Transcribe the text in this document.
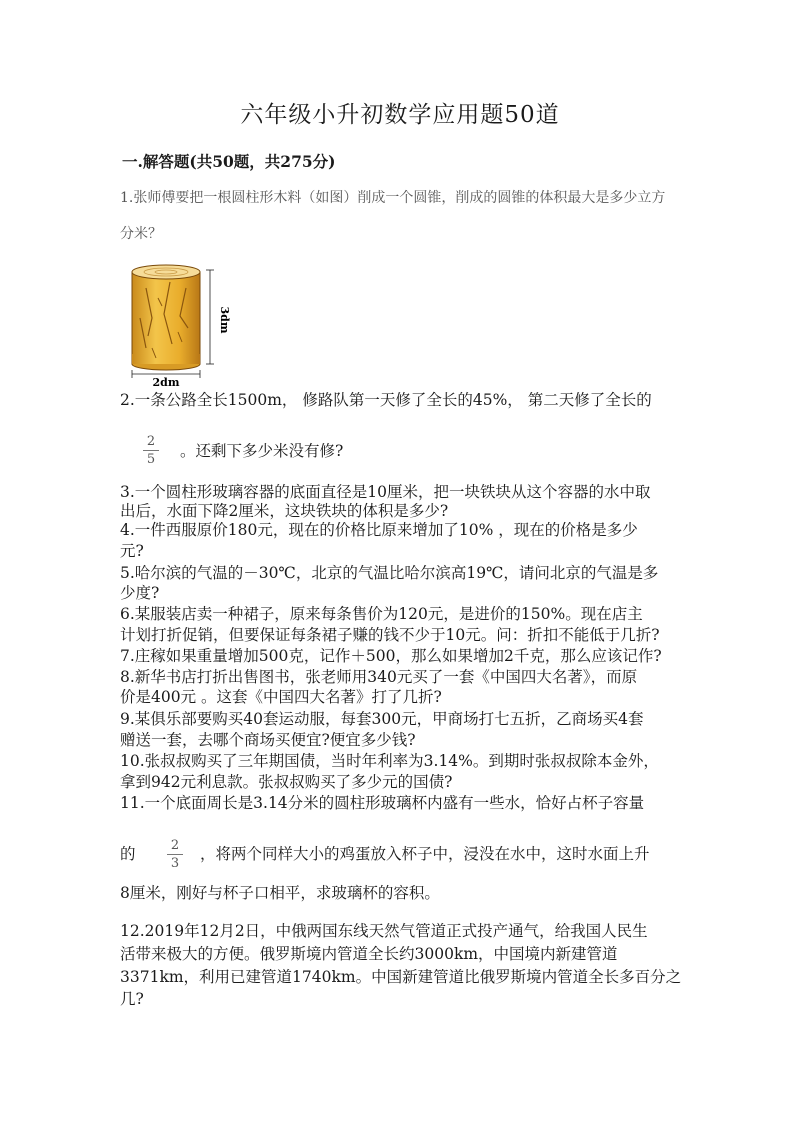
六年级小升初数学应用题50道
一.解答题(共50题，共275分)
1.张师傅要把一根圆柱形木料（如图）削成一个圆锥，削成的圆锥的体积最大是多少立方
分米？
3dm
2dm
2.一条公路全长1500m， 修路队第一天修了全长的45%， 第二天修了全长的
2
5 。还剩下多少米没有修?
3.一个圆柱形玻璃容器的底面直径是10厘米，把一块铁块从这个容器的水中取
出后，水面下降2厘米，这块铁块的体积是多少?
4.一件西服原价180元，现在的价格比原来增加了10% ，现在的价格是多少
元?
5.哈尔滨的气温的－30℃，北京的气温比哈尔滨高19℃，请问北京的气温是多
少度?
6.某服装店卖一种裙子，原来每条售价为120元，是进价的150%。现在店主
计划打折促销，但要保证每条裙子赚的钱不少于10元。问：折扣不能低于几折?
7.庄稼如果重量增加500克，记作＋500，那么如果增加2千克，那么应该记作?
8.新华书店打折出售图书，张老师用340元买了一套《中国四大名著》，而原
价是400元 。这套《中国四大名著》打了几折?
9.某俱乐部要购买40套运动服，每套300元，甲商场打七五折，乙商场买4套
赠送一套，去哪个商场买便宜?便宜多少钱?
10.张叔叔购买了三年期国债，当时年利率为3.14%。到期时张叔叔除本金外，
拿到942元利息款。张叔叔购买了多少元的国债?
11.一个底面周长是3.14分米的圆柱形玻璃杯内盛有一些水，恰好占杯子容量
的	2
3
，将两个同样大小的鸡蛋放入杯子中，浸没在水中，这时水面上升
8厘米，刚好与杯子口相平，求玻璃杯的容积。
12.2019年12月2日，中俄两国东线天然气管道正式投产通气，给我国人民生
活带来极大的方便。俄罗斯境内管道全长约3000km，中国境内新建管道
3371km，利用已建管道1740km。中国新建管道比俄罗斯境内管道全长多百分之
几?
